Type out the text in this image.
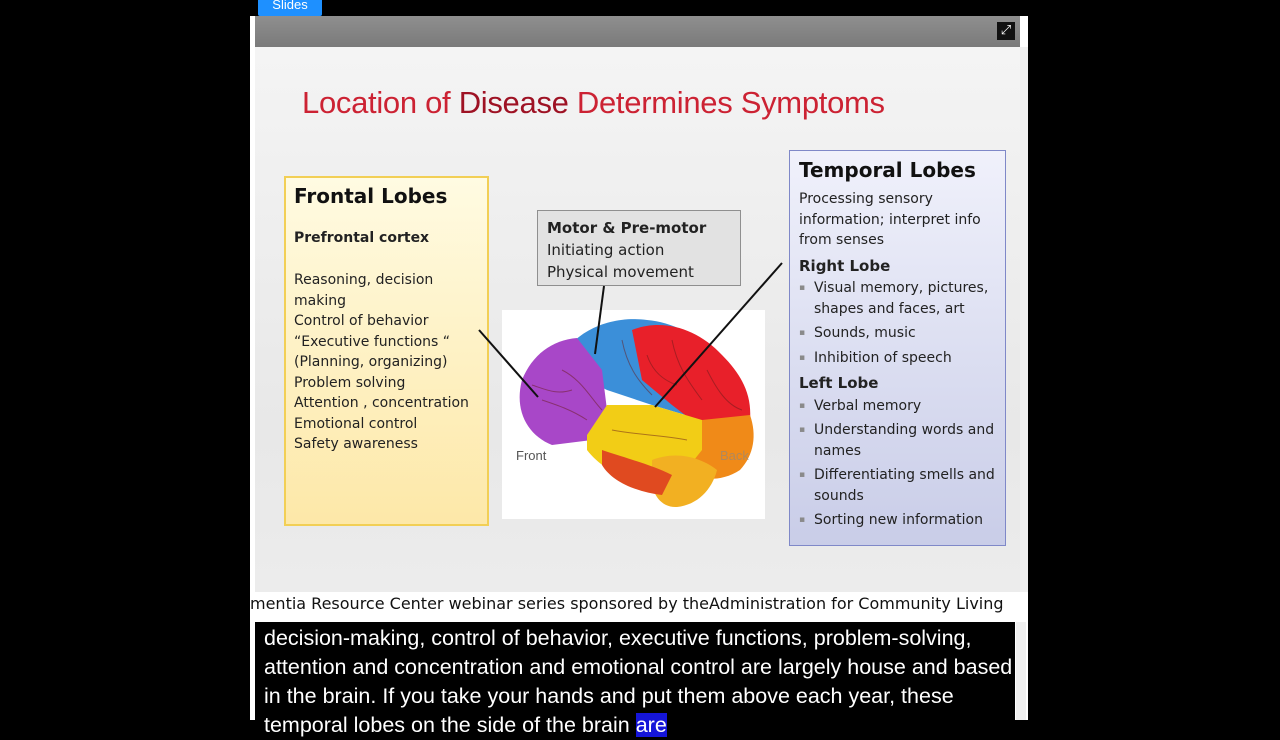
Slides
⤢
Location of Disease Determines Symptoms
Frontal Lobes
Prefrontal cortex
Reasoning, decision making
Control of behavior
“Executive functions “ (Planning, organizing)
Problem solving
Attention , concentration
Emotional control
Safety awareness
Motor & Pre-motor
Initiating action
Physical movement
Front	Back
Temporal Lobes
Processing sensory information; interpret info from senses
Right Lobe
▪ Visual memory, pictures, shapes and faces, art
▪ Sounds, music
▪ Inhibition of speech
Left Lobe
▪ Verbal memory
▪ Understanding words and names
▪ Differentiating smells and sounds
▪ Sorting new information
mentia Resource Center webinar series sponsored by theAdministration for Community Living
decision-making, control of behavior, executive functions, problem-solving, attention and concentration and emotional control are largely house and based in the brain. If you take your hands and put them above each year, these temporal lobes on the side of the brain are
